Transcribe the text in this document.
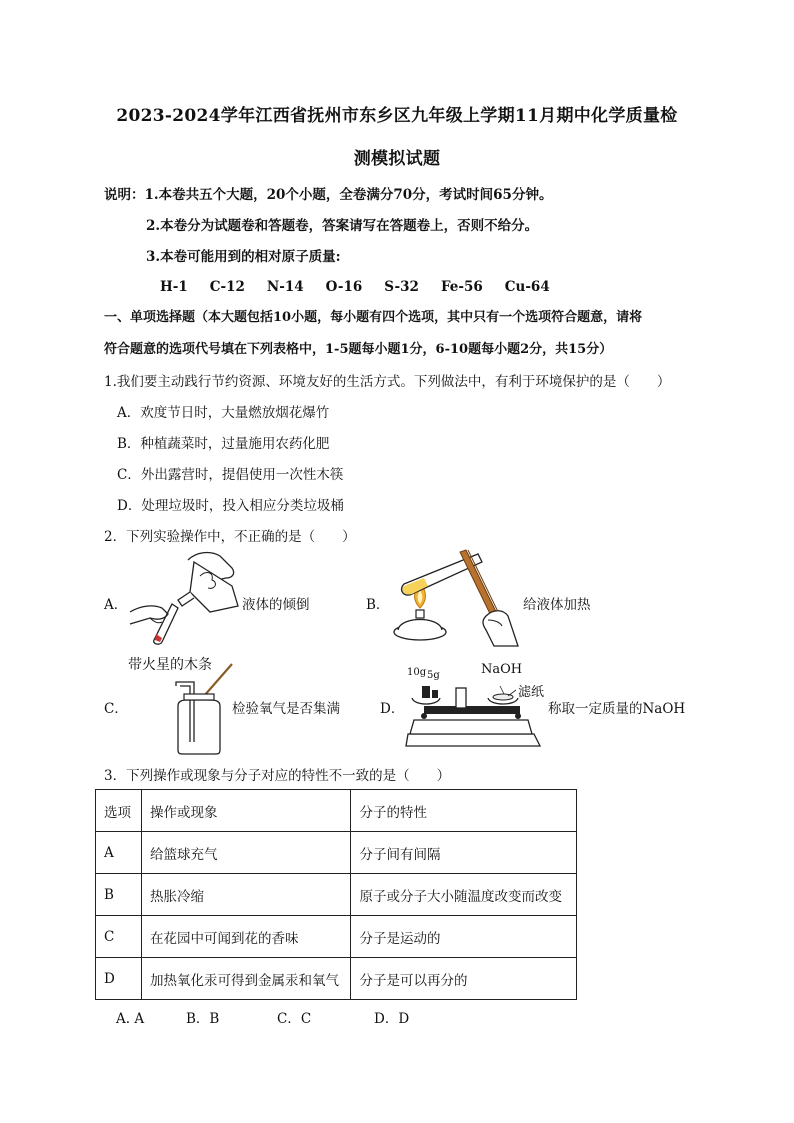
2023-2024学年江西省抚州市东乡区九年级上学期11月期中化学质量检
测模拟试题
说明：1.本卷共五个大题，20个小题，全卷满分70分，考试时间65分钟。
2.本卷分为试题卷和答题卷，答案请写在答题卷上，否则不给分。
3.本卷可能用到的相对原子质量:
H-1 C-12 N-14 O-16 S-32 Fe-56 Cu-64
一、单项选择题（本大题包括10小题，每小题有四个选项，其中只有一个选项符合题意，请将
符合题意的选项代号填在下列表格中，1-5题每小题1分，6-10题每小题2分，共15分）
1.我们要主动践行节约资源、环境友好的生活方式。下列做法中，有利于环境保护的是（　　）
A．欢度节日时，大量燃放烟花爆竹
B．种植蔬菜时，过量施用农药化肥
C．外出露营时，提倡使用一次性木筷
D．处理垃圾时，投入相应分类垃圾桶
2．下列实验操作中，不正确的是（　　）
A．	液体的倾倒	B．	给液体加热
带火星的木条
C．	检验氧气是否集满	D．
10g 5g	NaOH
滤纸
称取一定质量的NaOH
3．下列操作或现象与分子对应的特性不一致的是（　　）
选项	操作或现象	分子的特性
A	给篮球充气	分子间有间隔
B	热胀冷缩	原子或分子大小随温度改变而改变
C	在花园中可闻到花的香味	分子是运动的
D	加热氧化汞可得到金属汞和氧气	分子是可以再分的
A. A	B．B	C．C	D．D
